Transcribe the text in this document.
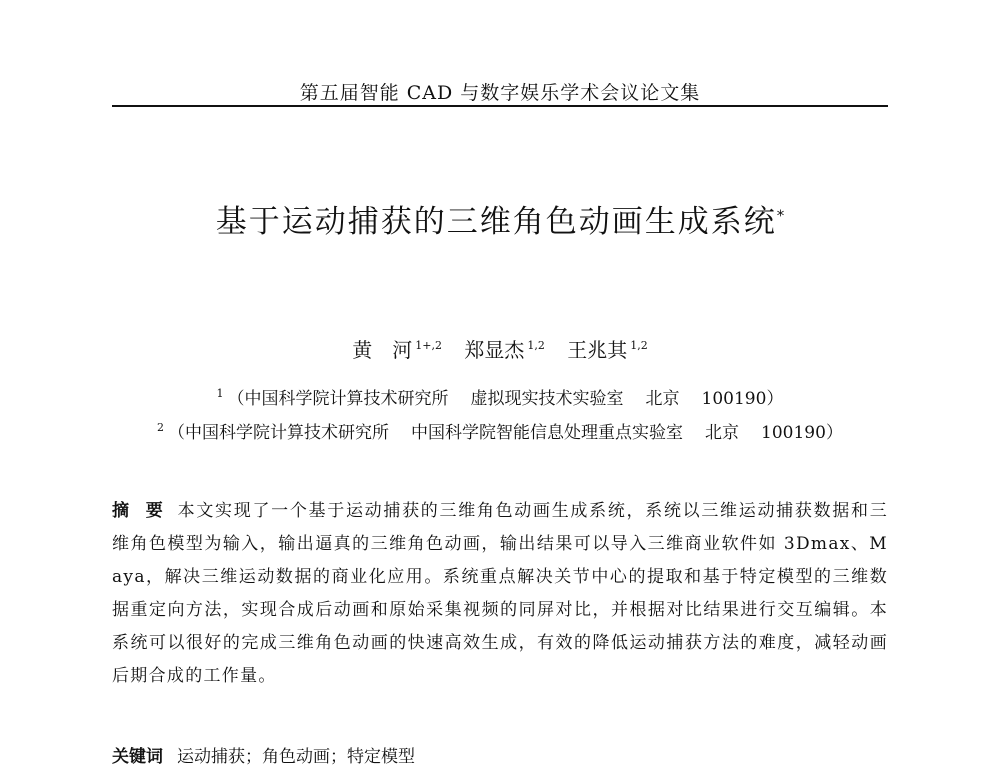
第五届智能 CAD 与数字娱乐学术会议论文集
基于运动捕获的三维角色动画生成系统*
黄　河 $^{1+,2}$ 郑显杰 $^{1,2}$ 王兆其 $^{1,2}$
$^1$ （中国科学院计算技术研究所 虚拟现实技术实验室 北京 100190）
$^2$ （中国科学院计算技术研究所 中国科学院智能信息处理重点实验室 北京 100190）
摘 要 本文实现了一个基于运动捕获的三维角色动画生成系统，系统以三维运动捕获数据和三维角色模型为输入，输出逼真的三维角色动画，输出结果可以导入三维商业软件如 3Dmax、Maya，解决三维运动数据的商业化应用。系统重点解决关节中心的提取和基于特定模型的三维数据重定向方法，实现合成后动画和原始采集视频的同屏对比，并根据对比结果进行交互编辑。本系统可以很好的完成三维角色动画的快速高效生成，有效的降低运动捕获方法的难度，减轻动画后期合成的工作量。
关键词 运动捕获；角色动画；特定模型
